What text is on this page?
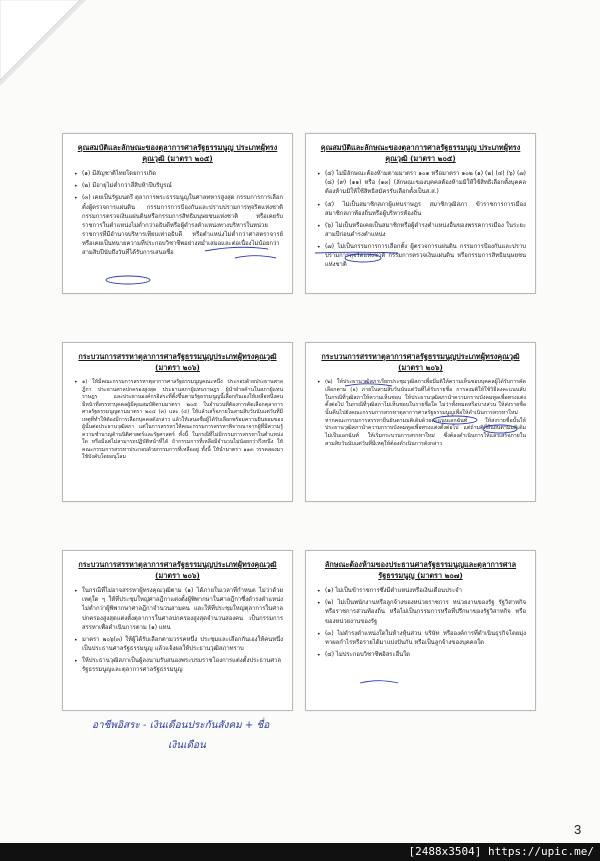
คุณสมบัติและลักษณะของตุลาการศาลรัฐธรรมนูญ ประเภทผู้ทรงคุณวุฒิ (มาตรา ๒๐๕)
• (๑) มีสัญชาติไทยโดยการเกิด
• (๒) มีอายุไม่ต่ำกว่าสี่สิบห้าปีบริบูรณ์
• (๓) เคยเป็นรัฐมนตรี ตุลาการพระธรรมนูญในศาลทหารสูงสุด กรรมการการเลือกตั้งผู้ตรวจการแผ่นดิน กรรมการการป้องกันและปราบปรามการทุจริตแห่งชาติ กรรมการตรวจเงินแผ่นดินหรือกรรมการสิทธิมนุษยชนแห่งชาติ หรือเคยรับราชการในตำแหน่งไม่ต่ำกว่าอธิบดีหรือผู้ดำรงตำแหน่งทางบริหารในหน่วยราชการที่มีอำนาจบริหารเทียบเท่าอธิบดี หรือตำแหน่งไม่ต่ำกว่าศาสตราจารย์ หรือเคยเป็นทนายความที่ประกอบวิชาชีพอย่างสม่ำเสมอและต่อเนื่องไม่น้อยกว่าสามสิบปีนับถึงวันที่ได้รับการเสนอชื่อ
คุณสมบัติและลักษณะของตุลาการศาลรัฐธรรมนูญ ประเภทผู้ทรงคุณวุฒิ (มาตรา ๒๐๕)
• (๔) ไม่มีลักษณะต้องห้ามตามมาตรา ๑๐๑ หรือมาตรา ๑๐๒ (๑) (๒) (๔) (๖) (๗) (๘) (๙) (๑๑) หรือ (๑๓) (ลักษณะของบุคคลต้องห้ามมิให้ใช้สิทธิเลือกตั้งบุคคลต้องห้ามมิให้ใช้สิทธิสมัครรับเลือกตั้งเป็นส.ส.)
• (๕) ไม่เป็นสมาชิกสภาผู้แทนราษฎร สมาชิกวุฒิสภา ข้าราชการการเมือง สมาชิกสภาท้องถิ่นหรือผู้บริหารท้องถิ่น
• (๖) ไม่เป็นหรือเคยเป็นสมาชิกหรือผู้ดำรงตำแหน่งอื่นของพรรคการเมือง ในระยะสามปีก่อนดำรงตำแหน่ง
• (๗) ไม่เป็นกรรมการการเลือกตั้ง ผู้ตรวจการแผ่นดิน กรรมการป้องกันและปราบปรามการทุจริตแห่งชาติ กรรมการตรวจเงินแผ่นดิน หรือกรรมการสิทธิมนุษยชนแห่งชาติ
กระบวนการสรรหาตุลาการศาลรัฐธรรมนูญประเภทผู้ทรงคุณวุฒิ (มาตรา ๒๐๖)
• ๑) ให้มีคณะกรรมการสรรหาตุลาการศาลรัฐธรรมนูญคณะหนึ่ง ประกอบด้วยประธานศาลฎีกา ประธานศาลปกครองสูงสุด ประธานสภาผู้แทนราษฎร ผู้นำฝ่ายค้านในสภาผู้แทนราษฎร และประธานองค์กรอิสระที่ตั้งขึ้นตามรัฐธรรมนูญนี้เลือกกันเองให้เหลือหนึ่งคน มีหน้าที่สรรหาบุคคลผู้มีคุณสมบัติตามมาตรา ๒๐๕ ในจำนวนที่ต้องการคัดเลือกตุลาการศาลรัฐธรรมนูญตามมาตรา ๒๐๔ (๓) และ (๔) ให้แล้วเสร็จภายในสามสิบวันนับแต่วันที่มีเหตุที่ทำให้ต้องมีการเลือกบุคคลดังกล่าว แล้วให้เสนอชื่อผู้ได้รับเลือกพร้อมความยินยอมของผู้นั้นต่อประธานวุฒิสภา แต่ในการสรรหาให้คณะกรรมการสรรหาพิจารณาจากผู้ที่มีความรู้ความชำนาญด้านนิติศาสตร์และรัฐศาสตร์ ทั้งนี้ ในกรณีที่ไม่มีกรรมการสรรหาในตำแหน่งใด หรือมีแต่ไม่สามารถปฏิบัติหน้าที่ได้ ถ้ากรรมการที่เหลือมีจำนวนไม่น้อยกว่ากึ่งหนึ่ง ให้คณะกรรมการสรรหาประกอบด้วยกรรมการที่เหลืออยู่ ทั้งนี้ ให้นำมาตรา ๑๑๓ วรรคสองมาใช้บังคับโดยอนุโลม
กระบวนการสรรหาตุลาการศาลรัฐธรรมนูญประเภทผู้ทรงคุณวุฒิ (มาตรา ๒๐๖)
• (๒) ให้ประธานวุฒิสภาเรียกประชุมวุฒิสภาเพื่อมีมติให้ความเห็นชอบบุคคลผู้ได้รับการคัดเลือกตาม (๑) ภายในสามสิบวันนับแต่วันที่ได้รับรายชื่อ การลงมติให้ใช้วิธีลงคะแนนลับ ในกรณีที่วุฒิสภาให้ความเห็นชอบ ให้ประธานวุฒิสภานำความกราบบังคมทูลเพื่อทรงแต่งตั้งต่อไป ในกรณีที่วุฒิสภาไม่เห็นชอบในรายชื่อใด ไม่ว่าทั้งหมดหรือบางส่วน ให้ส่งรายชื่อนั้นคืนไปยังคณะกรรมการสรรหาตุลาการศาลรัฐธรรมนูญเพื่อให้ดำเนินการสรรหาใหม่ หากคณะกรรมการสรรหายืนยันตามมติเดิมด้วยคะแนนเอกฉันท์ ให้ส่งรายชื่อนั้นให้ประธานวุฒิสภานำความกราบบังคมทูลเพื่อทรงแต่งตั้งต่อไป แต่ถ้ามติที่ยืนยันตามมติเดิมไม่เป็นเอกฉันท์ ให้เริ่มกระบวนการสรรหาใหม่ ซึ่งต้องดำเนินการให้แล้วเสร็จภายในสามสิบวันนับแต่วันที่มีเหตุให้ต้องดำเนินการดังกล่าว
กระบวนการสรรหาตุลาการศาลรัฐธรรมนูญประเภทผู้ทรงคุณวุฒิ (มาตรา ๒๐๖)
• ในกรณีที่ไม่อาจสรรหาผู้ทรงคุณวุฒิตาม (๑) ได้ภายในเวลาที่กำหนด ไม่ว่าด้วยเหตุใด ๆ ให้ที่ประชุมใหญ่ศาลฎีกาแต่งตั้งผู้พิพากษาในศาลฎีกาซึ่งดำรงตำแหน่งไม่ต่ำกว่าผู้พิพากษาศาลฎีกาจำนวนสามคน และให้ที่ประชุมใหญ่ตุลาการในศาลปกครองสูงสุดแต่งตั้งตุลาการในศาลปกครองสูงสุดจำนวนสองคน เป็นกรรมการสรรหาเพื่อดำเนินการตาม (๑) แทน
• มาตรา ๒๐๖(๓) ให้ผู้ได้รับเลือกตามวรรคหนึ่ง ประชุมและเลือกกันเองให้คนหนึ่งเป็นประธานศาลรัฐธรรมนูญ แล้วแจ้งผลให้ประธานวุฒิสภาทราบ
• ให้ประธานวุฒิสภาเป็นผู้ลงนามรับสนองพระบรมราชโองการแต่งตั้งประธานศาลรัฐธรรมนูญและตุลาการศาลรัฐธรรมนูญ
ลักษณะต้องห้ามของประธานศาลรัฐธรรมนูญและตุลาการศาลรัฐธรรมนูญ (มาตรา ๒๐๗)
• (๑) ไม่เป็นข้าราชการซึ่งมีตำแหน่งหรือเงินเดือนประจำ
• (๒) ไม่เป็นพนักงานหรือลูกจ้างของหน่วยราชการ หน่วยงานของรัฐ รัฐวิสาหกิจ หรือราชการส่วนท้องถิ่น หรือไม่เป็นกรรมการหรือที่ปรึกษาของรัฐวิสาหกิจ หรือของหน่วยงานของรัฐ
• (๓) ไม่ดำรงตำแหน่งใดในห้างหุ้นส่วน บริษัท หรือองค์การที่ดำเนินธุรกิจโดยมุ่งหาผลกำไรหรือรายได้มาแบ่งปันกัน หรือเป็นลูกจ้างของบุคคลใด
• (๔) ไม่ประกอบวิชาชีพอิสระอื่นใด
อาชีพอิสระ - เงินเดือนประกันสังคม + ชื่อ
เงินเดือน
3
[2488x3504] https://upic.me/
